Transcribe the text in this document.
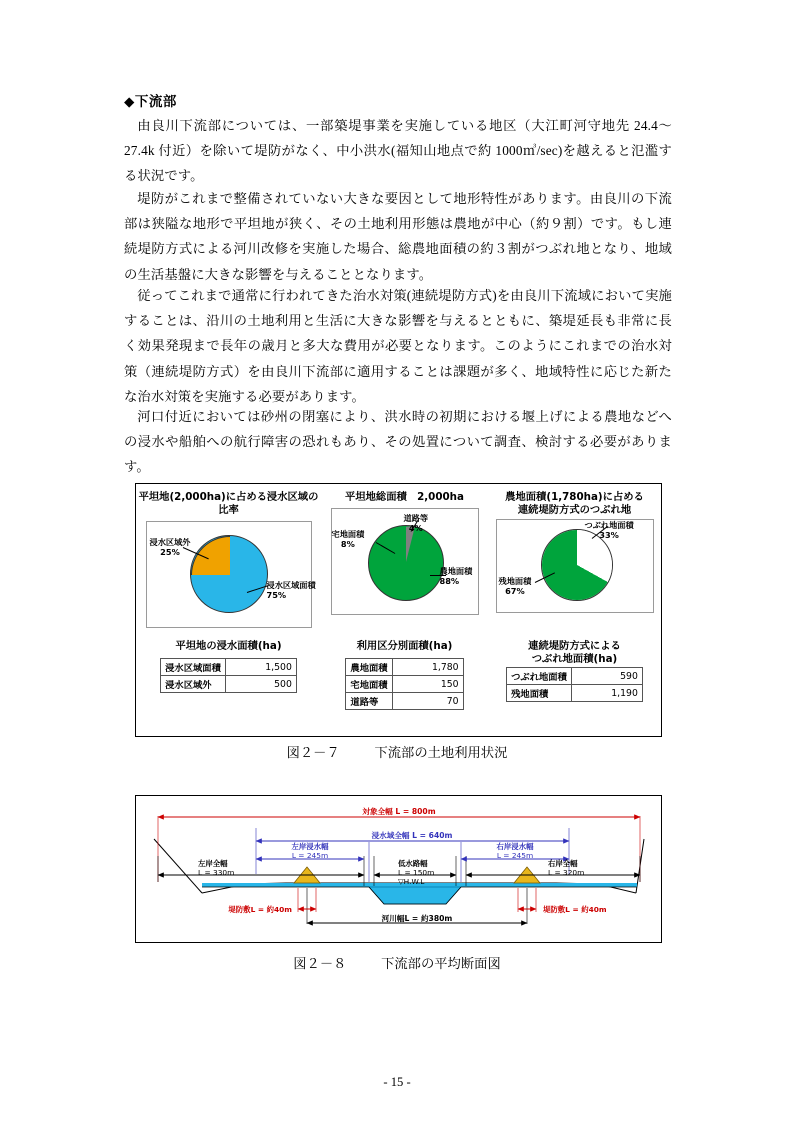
◆下流部

由良川下流部については、一部築堤事業を実施している地区（大江町河守地先 24.4～ 27.4k 付近）を除いて堤防がなく、中小洪水(福知山地点で約 1000㎥/sec)を越えると氾濫する状況です。

堤防がこれまで整備されていない大きな要因として地形特性があります。由良川の下流部は狭隘な地形で平坦地が狭く、その土地利用形態は農地が中心（約９割）です。もし連続堤防方式による河川改修を実施した場合、総農地面積の約３割がつぶれ地となり、地域の生活基盤に大きな影響を与えることとなります。

従ってこれまで通常に行われてきた治水対策(連続堤防方式)を由良川下流域において実施することは、沿川の土地利用と生活に大きな影響を与えるとともに、築堤延長も非常に長く効果発現まで長年の歳月と多大な費用が必要となります。このようにこれまでの治水対策（連続堤防方式）を由良川下流部に適用することは課題が多く、地域特性に応じた新たな治水対策を実施する必要があります。

河口付近においては砂州の閉塞により、洪水時の初期における堰上げによる農地などへの浸水や船舶への航行障害の恐れもあり、その処置について調査、検討する必要があります。

平坦地(2,000ha)に占める浸水区域の比率
浸水区域外
25%
浸水区域面積
75%
平坦地総面積　2,000ha
宅地面積
8%
道路等
4%
農地面積
88%
農地面積(1,780ha)に占める
連続堤防方式のつぶれ地
つぶれ地面積
33%
残地面積
67%
平坦地の浸水面積(ha)
浸水区域面積	1,500
浸水区域外	500
利用区分別面積(ha)
農地面積	1,780
宅地面積	150
道路等	70
連続堤防方式による
つぶれ地面積(ha)
つぶれ地面積	590
残地面積	1,190
図２－７	下流部の土地利用状況
対象全幅 L = 800m
浸水域全幅 L = 640m
左岸浸水幅
L = 245m
右岸浸水幅
L = 245m
左岸全幅
L = 330m
低水路幅
L = 150m
▽H.W.L
右岸全幅
L = 320m
堤防敷L = 約40m	堤防敷L = 約40m
河川幅L = 約380m
図２－８	下流部の平均断面図
- 15 -
